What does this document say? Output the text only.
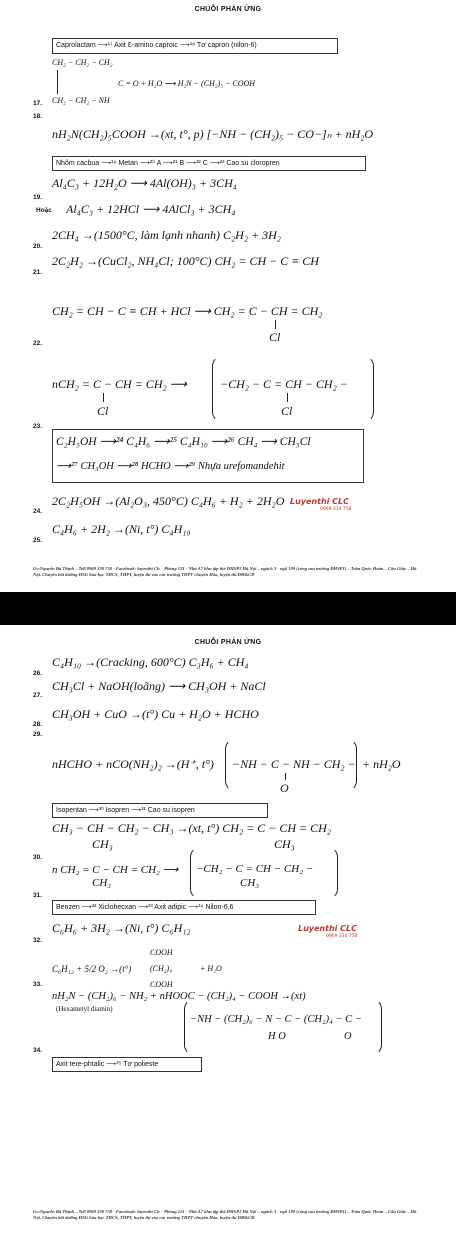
CHUỖI PHẢN ỨNG
Caprolactam ⟶¹⁷ Axit Ɛ-amino caproic ⟶¹⁸ Tơ capron (nilon-6)
CH₂ − CH₂ − CH₂
C = O + H₂O ⟶ H₂N − (CH₂)₅ − COOH
CH₂ − CH₂ − NH
17.
18.
nH₂N(CH₂)₅COOH →(xt, t°, p) [−NH − (CH₂)₅ − CO−]ₙ + nH₂O
Nhôm cacbua ⟶¹⁹ Metan ⟶²⁰ A ⟶²¹ B ⟶²² C ⟶²³ Cao su cloropren
Al₄C₃ + 12H₂O ⟶ 4Al(OH)₃ + 3CH₄
19.
Hoặc Al₄C₃ + 12HCl ⟶ 4AlCl₃ + 3CH₄
2CH₄ →(1500°C, làm lạnh nhanh) C₂H₂ + 3H₂
20.
2C₂H₂ →(CuCl₂, NH₄Cl; 100°C) CH₂ = CH − C ≡ CH
21.
CH₂ = CH − C ≡ CH + HCl ⟶ CH₂ = C − CH = CH₂
Cl
22.
nCH₂ = C − CH = CH₂ ⟶
Cl
−CH₂ − C = CH − CH₂ −
Cl
23.
C₂H₅OH ⟶²⁴ C₄H₆ ⟶²⁵ C₄H₁₀ ⟶²⁶ CH₄ ⟶ CH₃Cl
⟶²⁷ CH₃OH ⟶²⁸ HCHO ⟶²⁹ Nhựa urefomandehit
2C₂H₅OH →(Al₂O₃, 450°C) C₄H₆ + H₂ + 2H₂O Luyenthi CLC
0969 330 758
24.
C₄H₆ + 2H₂ →(Ni, t°) C₄H₁₀
25.
Gv:Nguyễn Bá Thịnh – Tell 0969 330 758 - Facebook: luyenthi Clc - Phòng 121 - Nhà A7 khu tập thể ĐHSP1 Hà Nội – ngách 3 - ngõ 199 (cổng sau trường ĐHSP1) – Trần Quốc Hoàn – Cầu Giấy – Hà Nội. Chuyên bồi dưỡng HSG hóa học THCS, THPT, luyện thi vào các trường THPT chuyên Hóa, luyện thi ĐH&CĐ
CHUỖI PHẢN ỨNG
C₄H₁₀ →(Cracking, 600°C) C₃H₆ + CH₄
26.
CH₃Cl + NaOH(loãng) ⟶ CH₃OH + NaCl
27.
CH₃OH + CuO →(t°) Cu + H₂O + HCHO
28.
29.
nHCHO + nCO(NH₂)₂ →(H⁺, t°) −NH − C − NH − CH₂ −
O
+ nH₂O
Isopentan ⟶³⁰ Isopren ⟶³¹ Cao su isopren
CH₃ − CH − CH₂ − CH₃ →(xt, t°) CH₂ = C − CH = CH₂
CH₃	CH₃
30.
n CH₂ = C − CH = CH₂ ⟶
CH₃
−CH₂ − C = CH − CH₂ −
CH₃
31.
Benzen ⟶³² Xiclohecxan ⟶³³ Axit adipic ⟶³⁴ Nilon-6,6
C₆H₆ + 3H₂ →(Ni, t°) C₆H₁₂	Luyenthi CLC
0969 330 758
32.
C₆H₁₂ + 5/2 O₂ →(t°)
COOH
(CH₂)₄
COOH
+ H₂O
33.
nH₂N − (CH₂)₆ − NH₂ + nHOOC − (CH₂)₄ − COOH →(xt)
(Hexametyl diamin)
−NH − (CH₂)₆ − N − C − (CH₂)₄ − C −
H O	O
34.
Axit tere-phtalic ⟶³⁵ Tơ polieste
Gv:Nguyễn Bá Thịnh – Tell 0969 330 758 - Facebook: luyenthi Clc - Phòng 121 - Nhà A7 khu tập thể ĐHSP1 Hà Nội – ngách 3 - ngõ 199 (cổng sau trường ĐHSP1) – Trần Quốc Hoàn – Cầu Giấy – Hà Nội. Chuyên bồi dưỡng HSG hóa học THCS, THPT, luyện thi vào các trường THPT chuyên Hóa, luyện thi ĐH&CĐ
